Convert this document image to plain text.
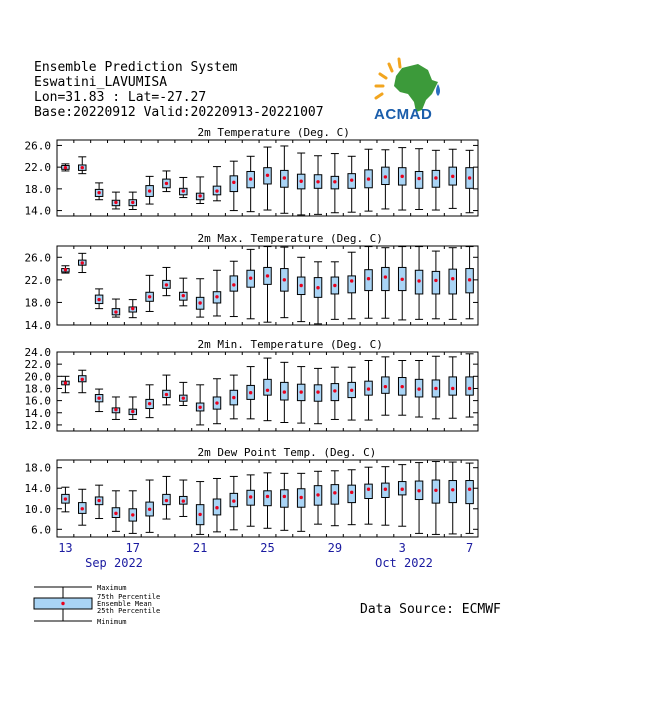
Ensemble Prediction System
Eswatini_LAVUMISA
Lon=31.83 : Lat=-27.27
Base:20220912 Valid:20220913-20221007	ACMAD
14.0
18.0
22.0
26.0
2m Temperature (Deg. C)
14.0
18.0
22.0
26.0
2m Max. Temperature (Deg. C)
12.0
14.0
16.0
18.0
20.0
22.0
24.0
2m Min. Temperature (Deg. C)
6.0
10.0
14.0
18.0
2m Dew Point Temp. (Deg. C)
13	17	21	25	29	3	7
Sep 2022	Oct 2022
Maximum
75th Percentile
Ensemble Mean
25th Percentile
Minimum
Data Source: ECMWF
